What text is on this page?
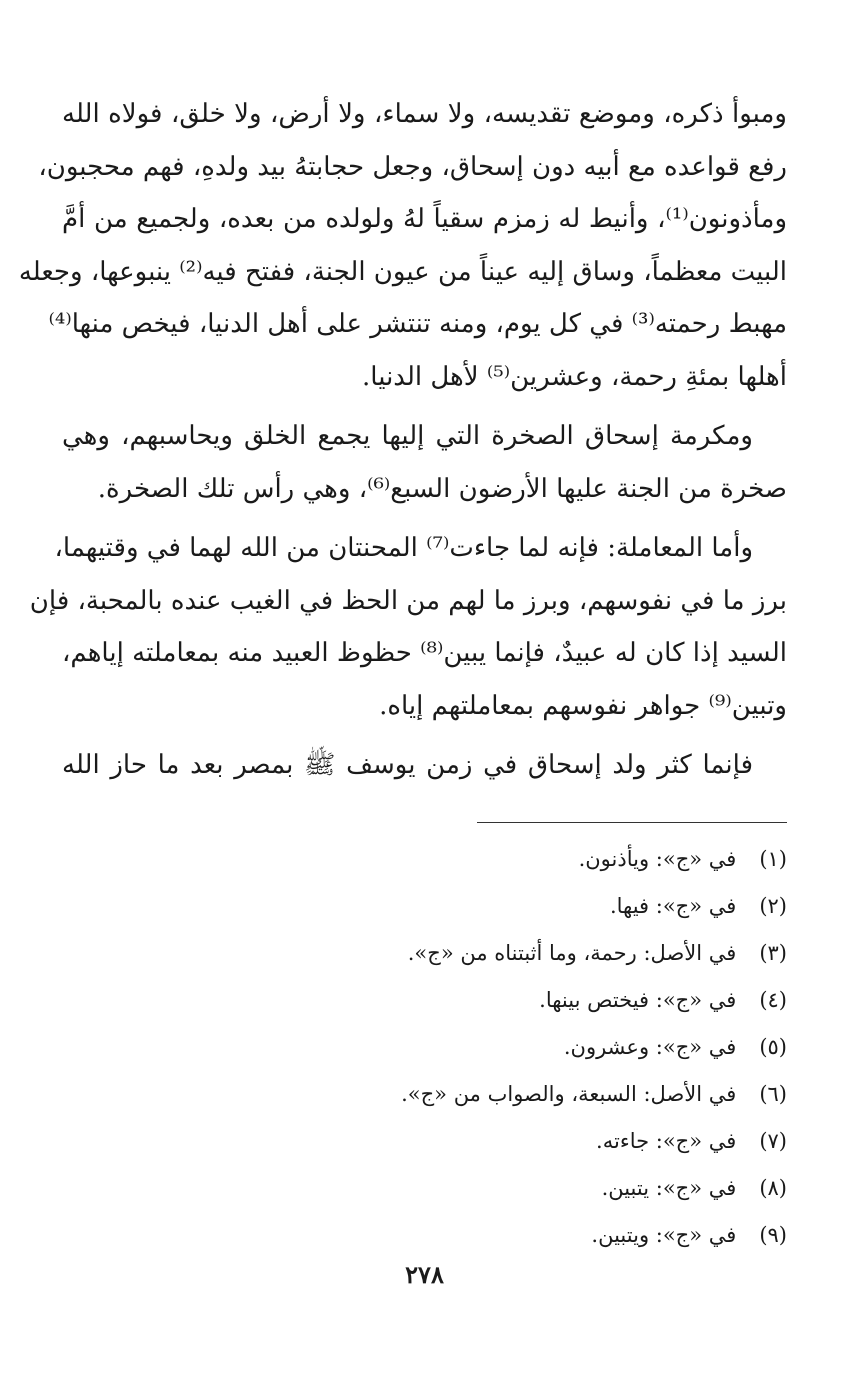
ومبوأ ذكره، وموضع تقديسه، ولا سماء، ولا أرض، ولا خلق، فولاه الله
رفع قواعده مع أبيه دون إسحاق، وجعل حجابتهُ بيد ولدهِ، فهم محجبون،
ومأذونون⁽¹⁾، وأنيط له زمزم سقياً لهُ ولولده من بعده، ولجميع من أمَّ
البيت معظماً، وساق إليه عيناً من عيون الجنة، ففتح فيه⁽²⁾ ينبوعها، وجعله
مهبط رحمته⁽³⁾ في كل يوم، ومنه تنتشر على أهل الدنيا، فيخص منها⁽⁴⁾
أهلها بمئةِ رحمة، وعشرين⁽⁵⁾ لأهل الدنيا.

ومكرمة إسحاق الصخرة التي إليها يجمع الخلق ويحاسبهم، وهي
صخرة من الجنة عليها الأرضون السبع⁽⁶⁾، وهي رأس تلك الصخرة.

وأما المعاملة: فإنه لما جاءت⁽⁷⁾ المحنتان من الله لهما في وقتيهما،
برز ما في نفوسهم، وبرز ما لهم من الحظ في الغيب عنده بالمحبة، فإن
السيد إذا كان له عبيدٌ، فإنما يبين⁽⁸⁾ حظوظ العبيد منه بمعاملته إياهم،
وتبين⁽⁹⁾ جواهر نفوسهم بمعاملتهم إياه.

فإنما كثر ولد إسحاق في زمن يوسف ﷺ بمصر بعد ما حاز الله

(١) في «ج»: ويأذنون.
(٢) في «ج»: فيها.
(٣) في الأصل: رحمة، وما أثبتناه من «ج».
(٤) في «ج»: فيختص بينها.
(٥) في «ج»: وعشرون.
(٦) في الأصل: السبعة، والصواب من «ج».
(٧) في «ج»: جاءته.
(٨) في «ج»: يتبين.
(٩) في «ج»: ويتبين.
٢٧٨
